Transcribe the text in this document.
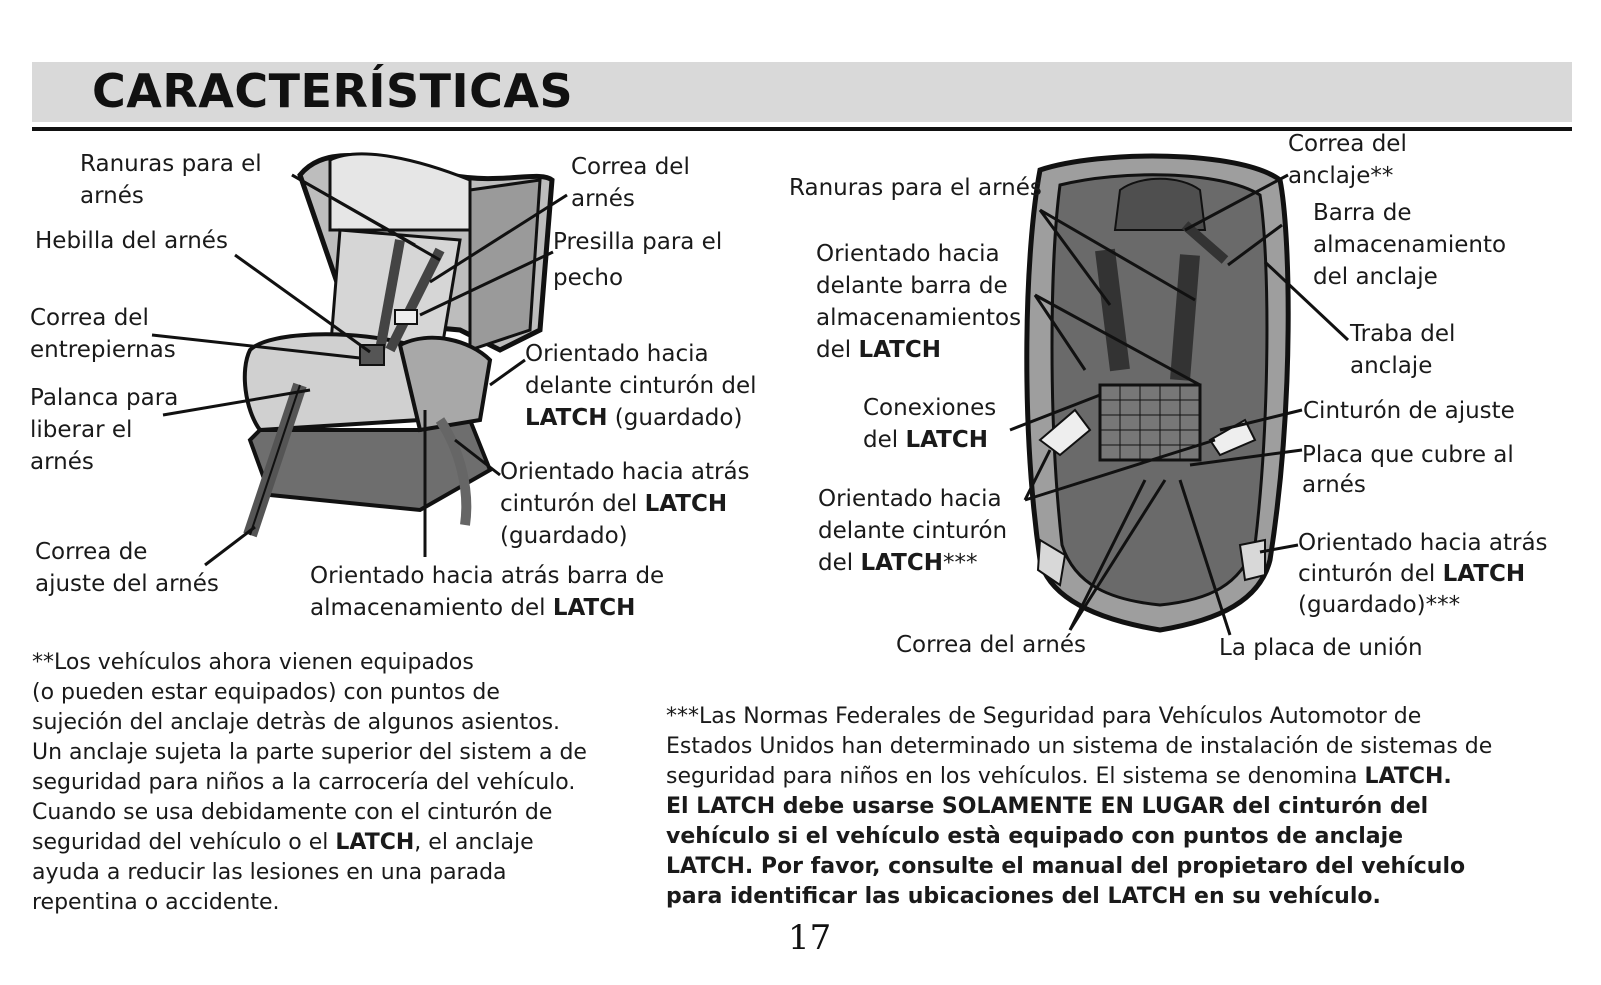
CARACTERÍSTICAS
Ranuras para el
arnés
Hebilla del arnés
Correa del
entrepiernas
Palanca para
liberar el
arnés
Correa de
ajuste del arnés
Correa del
arnés
Presilla para el
pecho
Orientado hacia
delante cinturón del
LATCH (guardado)
Orientado hacia atrás
cinturón del LATCH
(guardado)
Orientado hacia atrás barra de
almacenamiento del LATCH
Ranuras para el arnés
Correa del
anclaje**
Barra de
almacenamiento
del anclaje
Traba del
anclaje
Orientado hacia
delante barra de
almacenamientos
del LATCH
Conexiones
del LATCH
Cinturón de ajuste
Placa que cubre al
arnés
Orientado hacia
delante cinturón
del LATCH***
Orientado hacia atrás
cinturón del LATCH
(guardado)***
Correa del arnés	La placa de unión
**Los vehículos ahora vienen equipados
(o pueden estar equipados) con puntos de
sujeción del anclaje detràs de algunos asientos.
Un anclaje sujeta la parte superior del sistem a de
seguridad para niños a la carrocería del vehículo.
Cuando se usa debidamente con el cinturón de
seguridad del vehículo o el LATCH, el anclaje
ayuda a reducir las lesiones en una parada
repentina o accidente.
***Las Normas Federales de Seguridad para Vehículos Automotor de
Estados Unidos han determinado un sistema de instalación de sistemas de
seguridad para niños en los vehículos. El sistema se denomina LATCH.
El LATCH debe usarse SOLAMENTE EN LUGAR del cinturón del
vehículo si el vehículo està equipado con puntos de anclaje
LATCH. Por favor, consulte el manual del propietaro del vehículo
para identificar las ubicaciones del LATCH en su vehículo.
17
